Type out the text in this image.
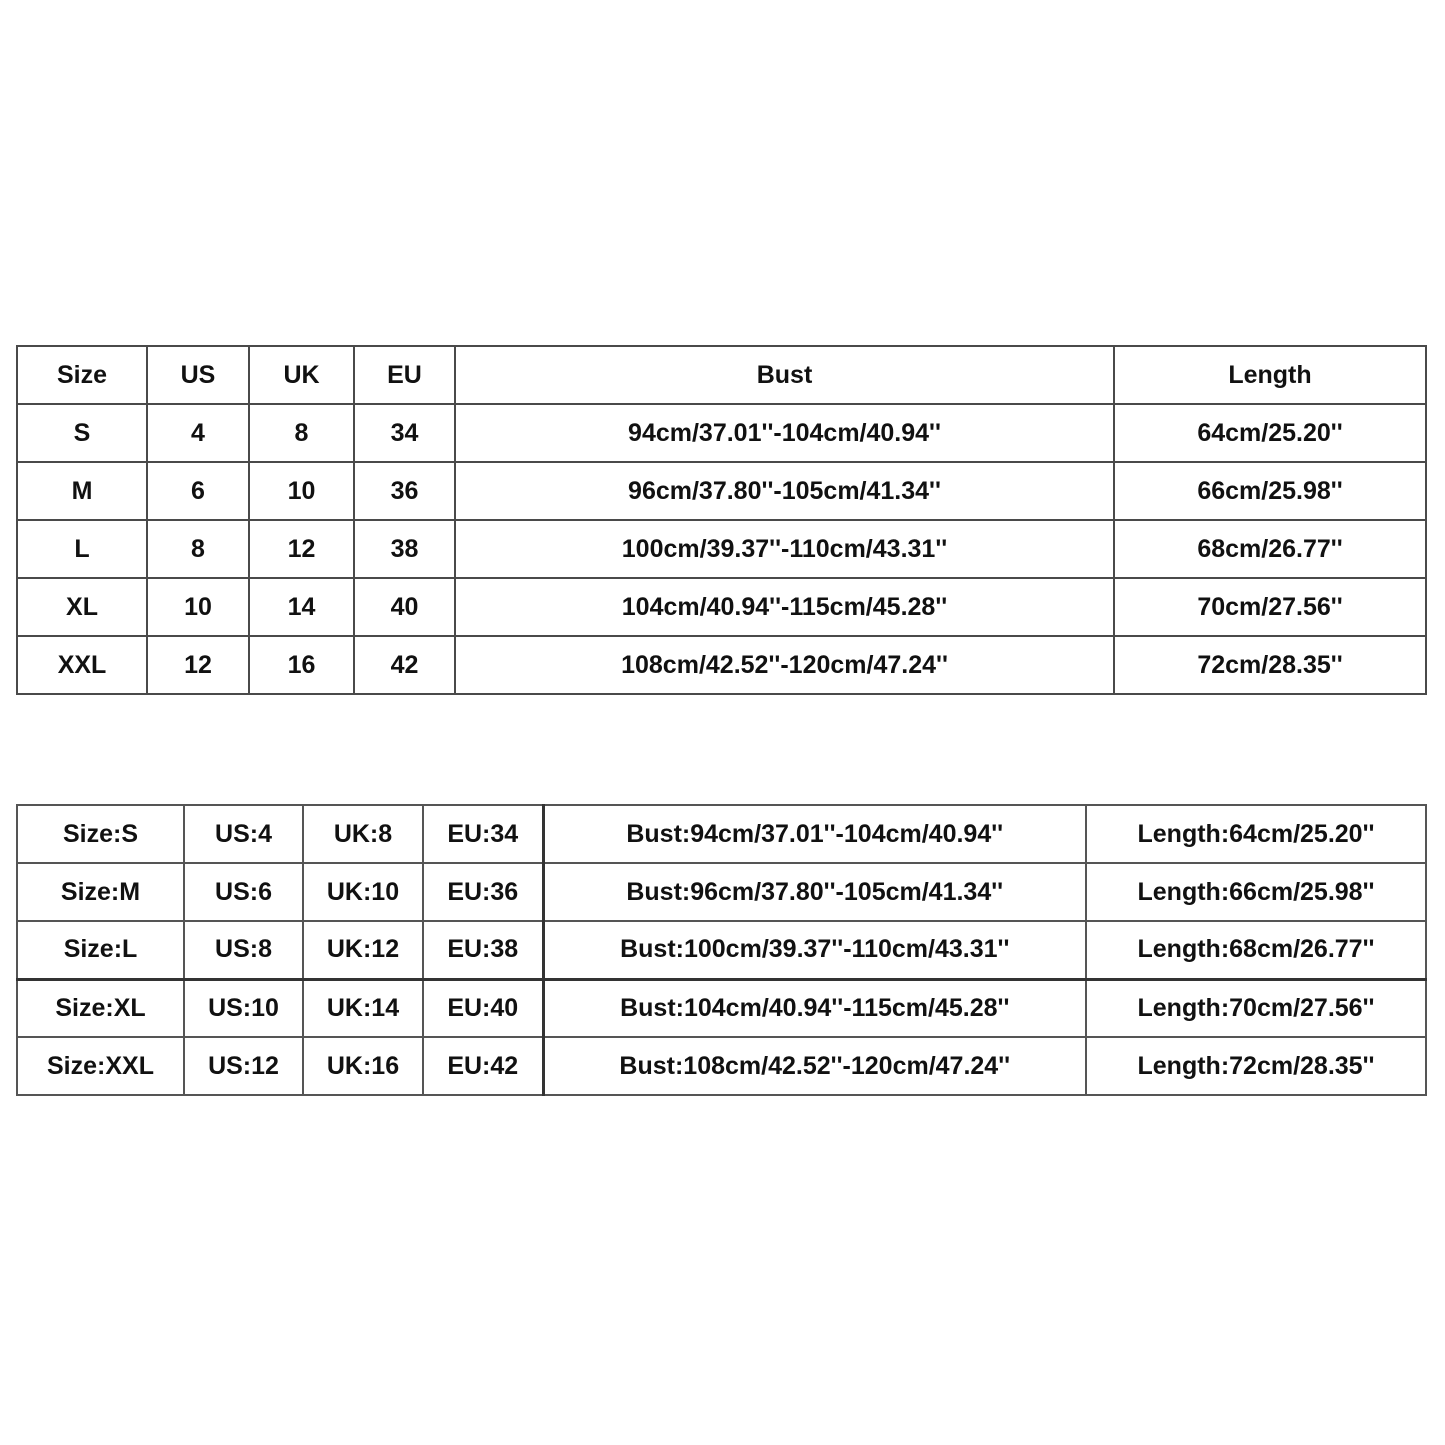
Size	US	UK	EU	Bust	Length
S	4	8	34	94cm/37.01''-104cm/40.94''	64cm/25.20''
M	6	10	36	96cm/37.80''-105cm/41.34''	66cm/25.98''
L	8	12	38	100cm/39.37''-110cm/43.31''	68cm/26.77''
XL	10	14	40	104cm/40.94''-115cm/45.28''	70cm/27.56''
XXL	12	16	42	108cm/42.52''-120cm/47.24''	72cm/28.35''
Size:S	US:4	UK:8	EU:34	Bust:94cm/37.01''-104cm/40.94''	Length:64cm/25.20''
Size:M	US:6	UK:10	EU:36	Bust:96cm/37.80''-105cm/41.34''	Length:66cm/25.98''
Size:L	US:8	UK:12	EU:38	Bust:100cm/39.37''-110cm/43.31''	Length:68cm/26.77''
Size:XL	US:10	UK:14	EU:40	Bust:104cm/40.94''-115cm/45.28''	Length:70cm/27.56''
Size:XXL	US:12	UK:16	EU:42	Bust:108cm/42.52''-120cm/47.24''	Length:72cm/28.35''
